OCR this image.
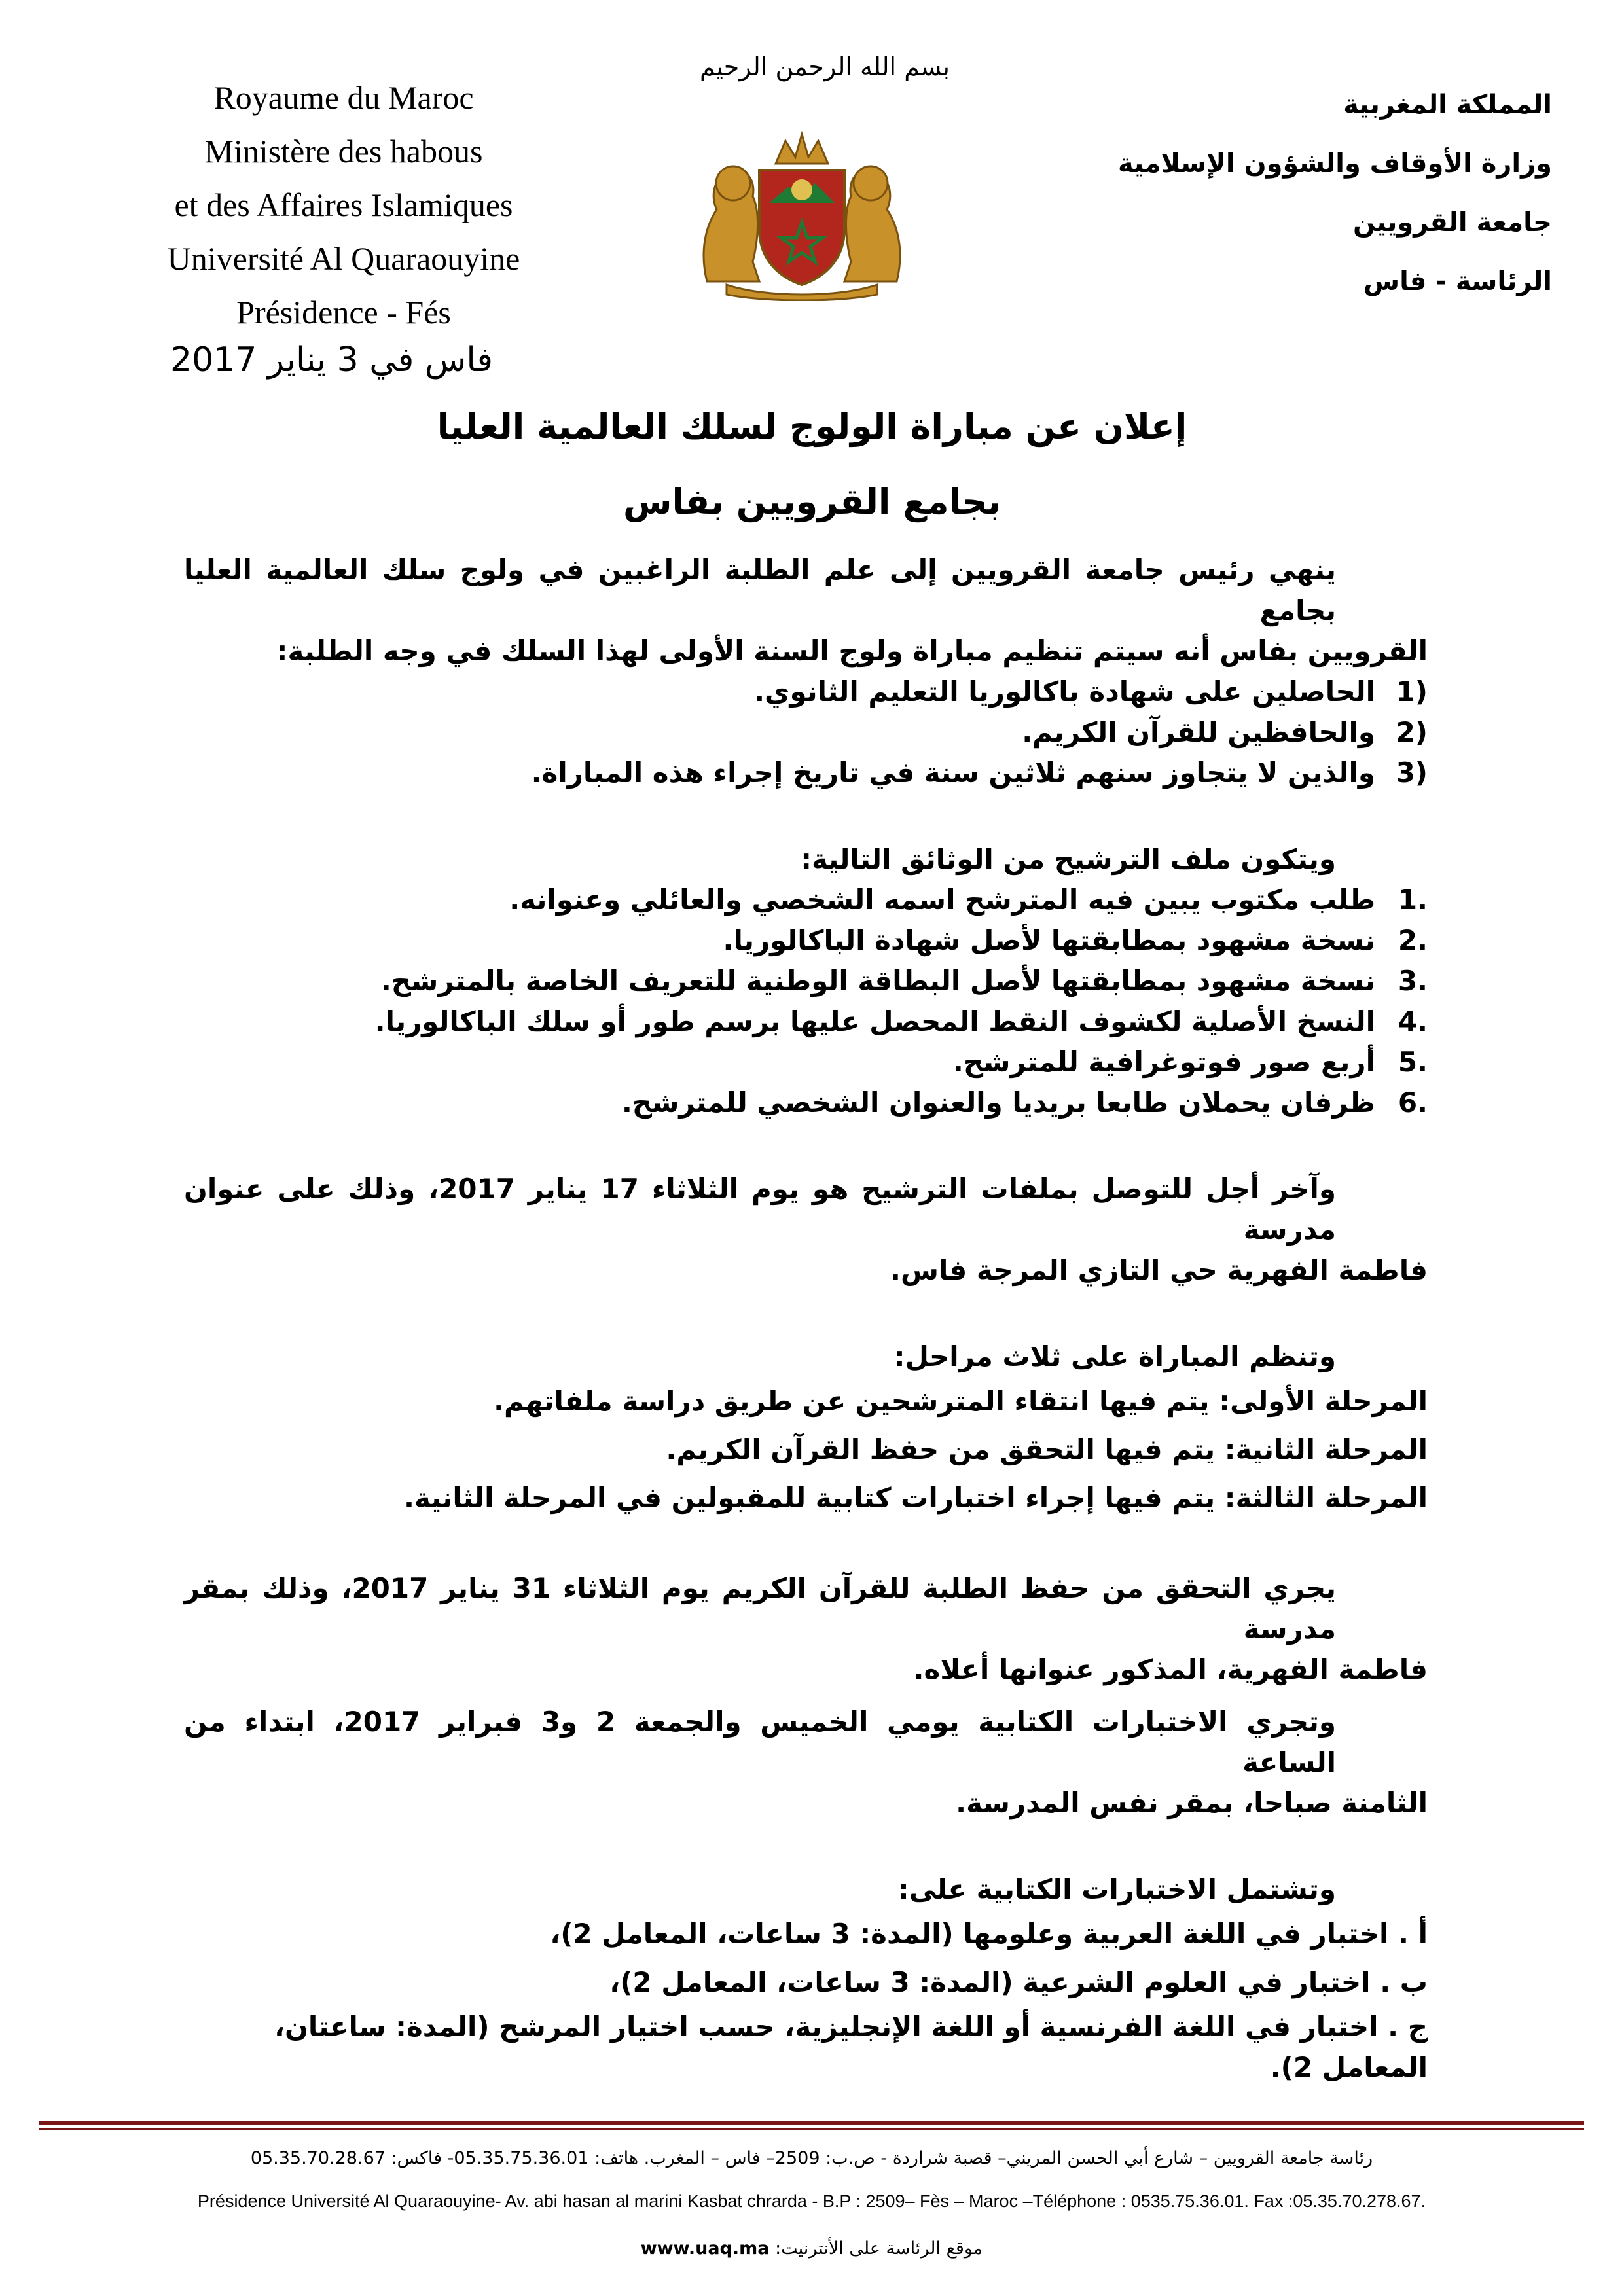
Royaume du Maroc
Ministère des habous
et des Affaires Islamiques
Université Al Quaraouyine
Présidence - Fés
بسم الله الرحمن الرحيم
المملكة المغربية
وزارة الأوقاف والشؤون الإسلامية
جامعة القرويين
الرئاسة - فاس
فاس في 3 يناير 2017
إعلان عن مباراة الولوج لسلك العالمية العليا
بجامع القرويين بفاس

ينهي رئيس جامعة القرويين إلى علم الطلبة الراغبين في ولوج سلك العالمية العليا بجامع
القرويين بفاس أنه سيتم تنظيم مباراة ولوج السنة الأولى لهذا السلك في وجه الطلبة:

1)
الحاصلين على شهادة باكالوريا التعليم الثانوي.
2)
والحافظين للقرآن الكريم.
3)
والذين لا يتجاوز سنهم ثلاثين سنة في تاريخ إجراء هذه المباراة.

ويتكون ملف الترشيح من الوثائق التالية:

1.
طلب مكتوب يبين فيه المترشح اسمه الشخصي والعائلي وعنوانه.
2.
نسخة مشهود بمطابقتها لأصل شهادة الباكالوريا.
3.
نسخة مشهود بمطابقتها لأصل البطاقة الوطنية للتعريف الخاصة بالمترشح.
4.
النسخ الأصلية لكشوف النقط المحصل عليها برسم طور أو سلك الباكالوريا.
5.
أربع صور فوتوغرافية للمترشح.
6.
ظرفان يحملان طابعا بريديا والعنوان الشخصي للمترشح.

وآخر أجل للتوصل بملفات الترشيح هو يوم الثلاثاء 17 يناير 2017، وذلك على عنوان مدرسة
فاطمة الفهرية حي التازي المرجة فاس.

وتنظم المباراة على ثلاث مراحل:

المرحلة الأولى: يتم فيها انتقاء المترشحين عن طريق دراسة ملفاتهم.

المرحلة الثانية: يتم فيها التحقق من حفظ القرآن الكريم.

المرحلة الثالثة: يتم فيها إجراء اختبارات كتابية للمقبولين في المرحلة الثانية.

يجري التحقق من حفظ الطلبة للقرآن الكريم يوم الثلاثاء 31 يناير 2017، وذلك بمقر مدرسة
فاطمة الفهرية، المذكور عنوانها أعلاه.

وتجري الاختبارات الكتابية يومي الخميس والجمعة 2 و3 فبراير 2017، ابتداء من الساعة
الثامنة صباحا، بمقر نفس المدرسة.

وتشتمل الاختبارات الكتابية على:

أ . اختبار في اللغة العربية وعلومها (المدة: 3 ساعات، المعامل 2)،

ب . اختبار في العلوم الشرعية (المدة: 3 ساعات، المعامل 2)،

ج . اختبار في اللغة الفرنسية أو اللغة الإنجليزية، حسب اختيار المرشح (المدة: ساعتان،
المعامل 2).

رئاسة جامعة القرويين – شارع أبي الحسن المريني– قصبة شراردة - ص.ب: 2509– فاس – المغرب. هاتف: 05.35.75.36.01- فاكس: 05.35.70.28.67
Présidence Université Al Quaraouyine- Av. abi hasan al marini Kasbat chrarda - B.P : 2509– Fès – Maroc –Téléphone : 0535.75.36.01. Fax :05.35.70.278.67.
موقع الرئاسة على الأنترنيت: www.uaq.ma
